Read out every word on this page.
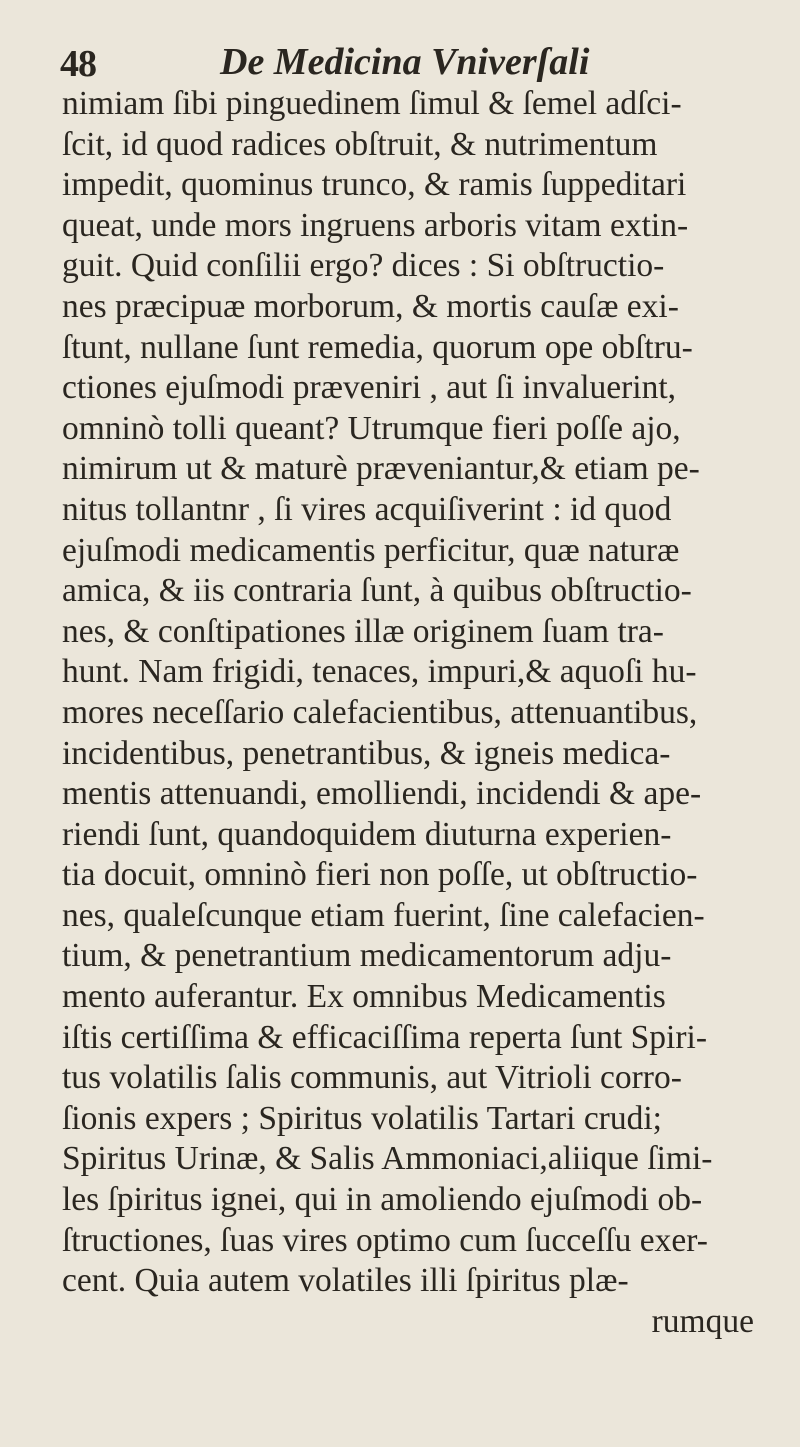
48	De Medicina Vniverſali
nimiam ſibi pinguedinem ſimul & ſemel adſci-
ſcit, id quod radices obſtruit, & nutrimentum
impedit, quominus trunco, & ramis ſuppeditari
queat, unde mors ingruens arboris vitam extin-
guit. Quid conſilii ergo? dices : Si obſtructio-
nes præcipuæ morborum, & mortis cauſæ exi-
ſtunt, nullane ſunt remedia, quorum ope obſtru-
ctiones ejuſmodi præveniri , aut ſi invaluerint,
omninò tolli queant? Utrumque fieri poſſe ajo,
nimirum ut & maturè præveniantur,& etiam pe-
nitus tollantnr , ſi vires acquiſiverint : id quod
ejuſmodi medicamentis perficitur, quæ naturæ
amica, & iis contraria ſunt, à quibus obſtructio-
nes, & conſtipationes illæ originem ſuam tra-
hunt. Nam frigidi, tenaces, impuri,& aquoſi hu-
mores neceſſario calefacientibus, attenuantibus,
incidentibus, penetrantibus, & igneis medica-
mentis attenuandi, emolliendi, incidendi & ape-
riendi ſunt, quandoquidem diuturna experien-
tia docuit, omninò fieri non poſſe, ut obſtructio-
nes, qualeſcunque etiam fuerint, ſine calefacien-
tium, & penetrantium medicamentorum adju-
mento auferantur. Ex omnibus Medicamentis
iſtis certiſſima & efficaciſſima reperta ſunt Spiri-
tus volatilis ſalis communis, aut Vitrioli corro-
ſionis expers ; Spiritus volatilis Tartari crudi;
Spiritus Urinæ, & Salis Ammoniaci,aliique ſimi-
les ſpiritus ignei, qui in amoliendo ejuſmodi ob-
ſtructiones, ſuas vires optimo cum ſucceſſu exer-
cent. Quia autem volatiles illi ſpiritus plæ-
rumque
